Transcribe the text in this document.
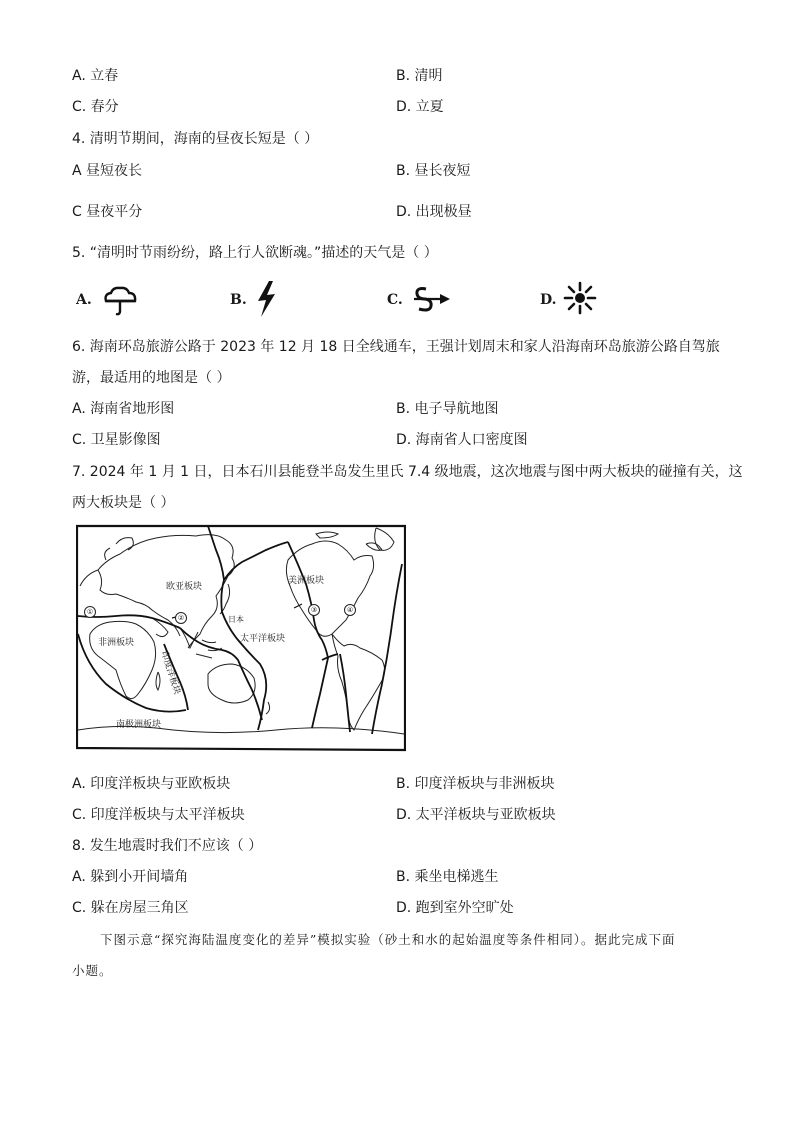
A. 立春	B. 清明
C. 春分	D. 立夏
4. 清明节期间，海南的昼夜长短是（ ）
A 昼短夜长	B. 昼长夜短
C 昼夜平分	D. 出现极昼
5. “清明时节雨纷纷，路上行人欲断魂。”描述的天气是（ ）
A.	B.	C.	D.
6. 海南环岛旅游公路于 2023 年 12 月 18 日全线通车，王强计划周末和家人沿海南环岛旅游公路自驾旅
游，最适用的地图是（ ）
A. 海南省地形图	B. 电子导航地图
C. 卫星影像图	D. 海南省人口密度图
7. 2024 年 1 月 1 日，日本石川县能登半岛发生里氏 7.4 级地震，这次地震与图中两大板块的碰撞有关，这
两大板块是（ ）
欧亚板块
美洲板块
非洲板块	太平洋板块
印度洋板块
南极洲板块
日本
①
②
③	④
A. 印度洋板块与亚欧板块	B. 印度洋板块与非洲板块
C. 印度洋板块与太平洋板块	D. 太平洋板块与亚欧板块
8. 发生地震时我们不应该（ ）
A. 躲到小开间墙角	B. 乘坐电梯逃生
C. 躲在房屋三角区	D. 跑到室外空旷处
下图示意“探究海陆温度变化的差异”模拟实验（砂土和水的起始温度等条件相同）。据此完成下面
小题。
